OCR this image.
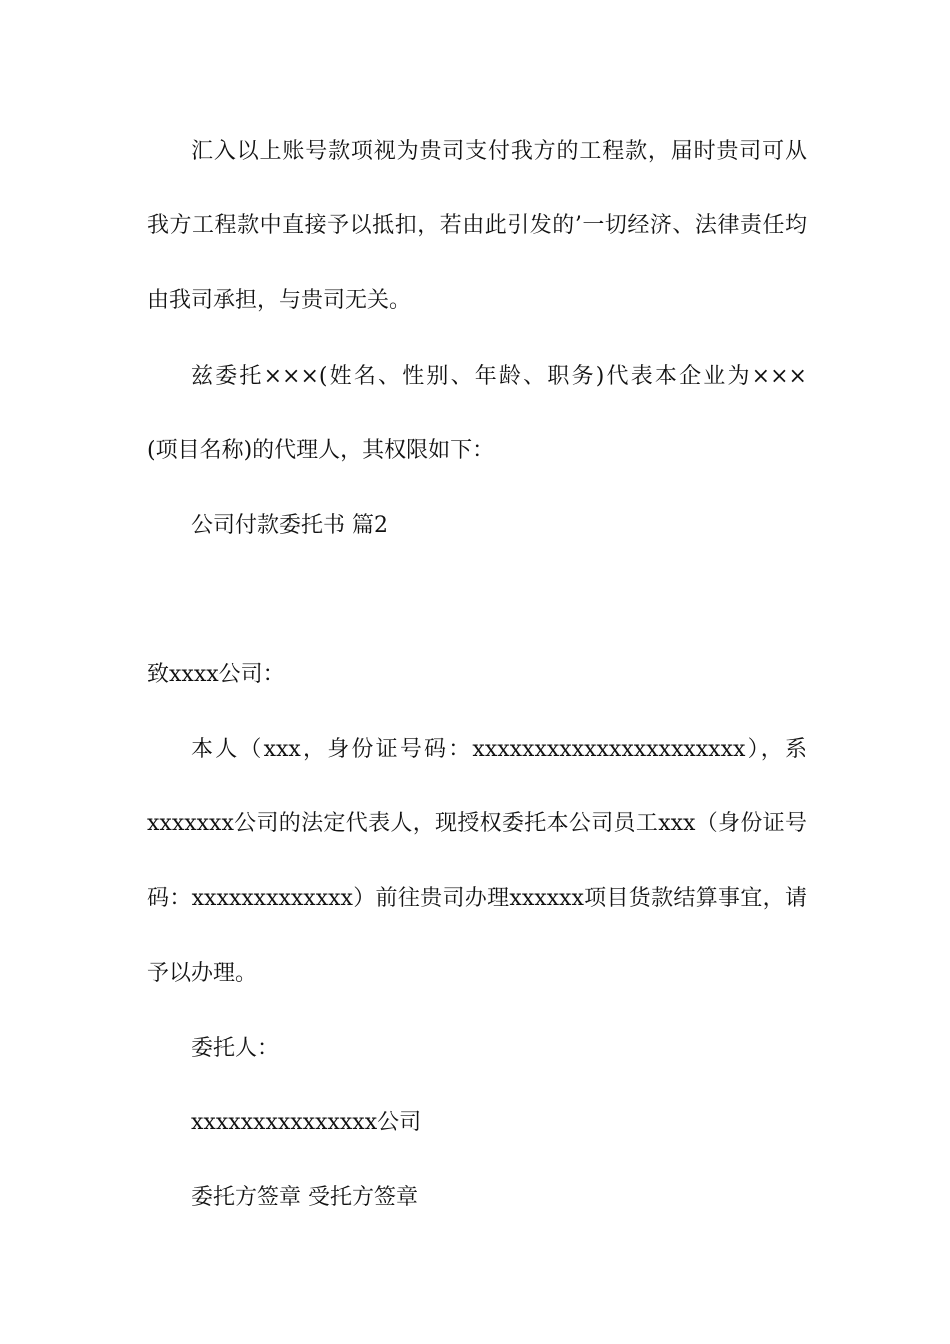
汇入以上账号款项视为贵司支付我方的工程款，届时贵司可从
我方工程款中直接予以抵扣，若由此引发的’一切经济、法律责任均
由我司承担，与贵司无关。
兹委托×××(姓名、性别、年龄、职务)代表本企业为×××
(项目名称)的代理人，其权限如下：
公司付款委托书 篇2
致xxxx公司：
本人（xxx，身份证号码：xxxxxxxxxxxxxxxxxxxxxx），系
xxxxxxx公司的法定代表人，现授权委托本公司员工xxx（身份证号
码：xxxxxxxxxxxxx）前往贵司办理xxxxxx项目货款结算事宜，请
予以办理。
委托人：
xxxxxxxxxxxxxxx公司
委托方签章 受托方签章
